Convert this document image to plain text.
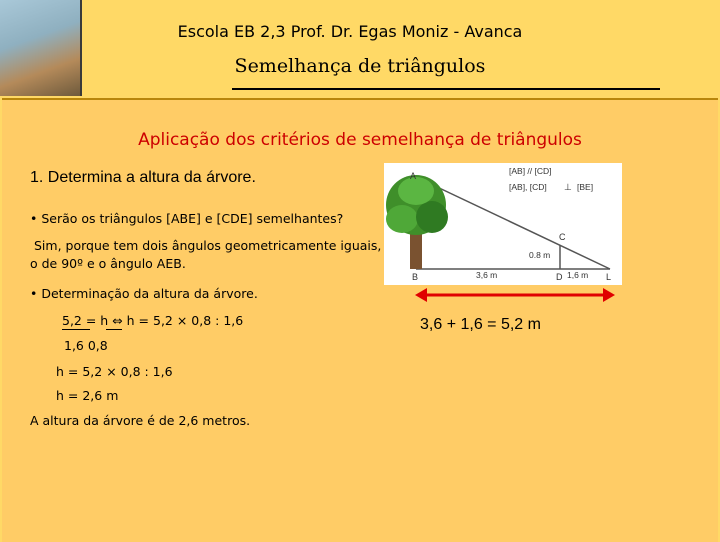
Escola EB 2,3 Prof. Dr. Egas Moniz - Avanca
Semelhança de triângulos
Aplicação dos critérios de semelhança de triângulos
1. Determina a altura da árvore.
• Serão os triângulos [ABE] e [CDE] semelhantes?
Sim, porque tem dois ângulos geometricamente iguais,
o de 90º e o ângulo AEB.
• Determinação da altura da árvore.
5,2 = h ⇔ h = 5,2 × 0,8 : 1,6
1,6 0,8
h = 5,2 × 0,8 : 1,6
h = 2,6 m
A altura da árvore é de 2,6 metros.
A
B
C
D	L
[AB] // [CD]
[AB], [CD] ⊥ [BE]
0.8 m
3,6 m	1,6 m
3,6 + 1,6 = 5,2 m
